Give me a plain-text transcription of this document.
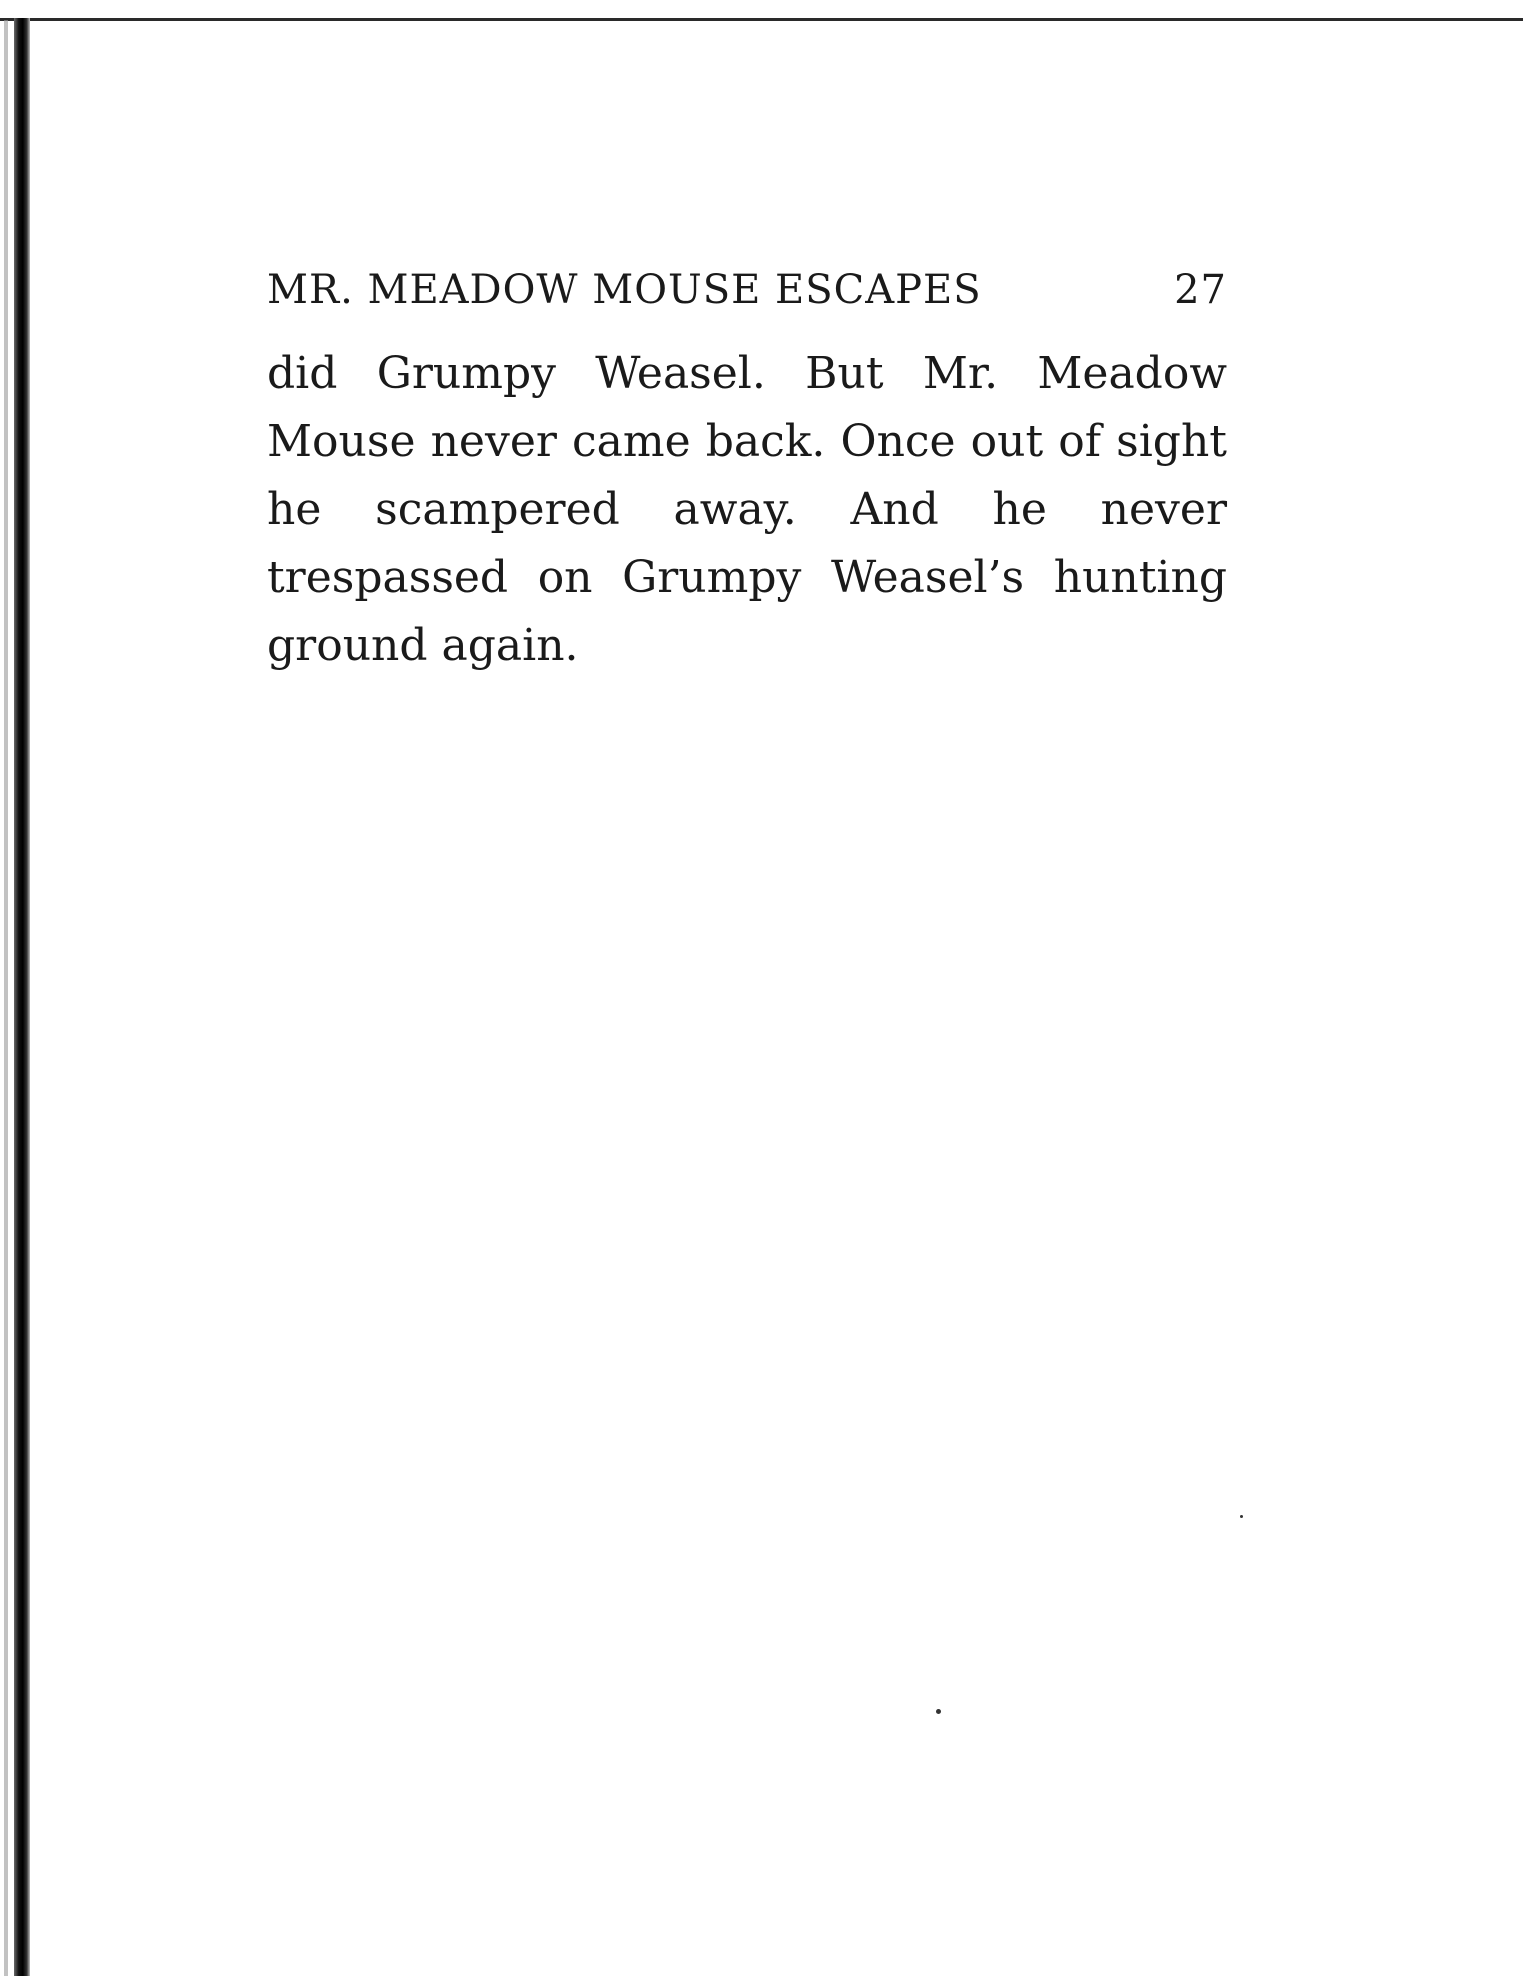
MR. MEADOW MOUSE ESCAPES	27

did Grumpy Weasel. But Mr. Meadow Mouse never came back. Once out of sight he scampered away. And he never trespassed on Grumpy Weasel’s hunting ground again.
